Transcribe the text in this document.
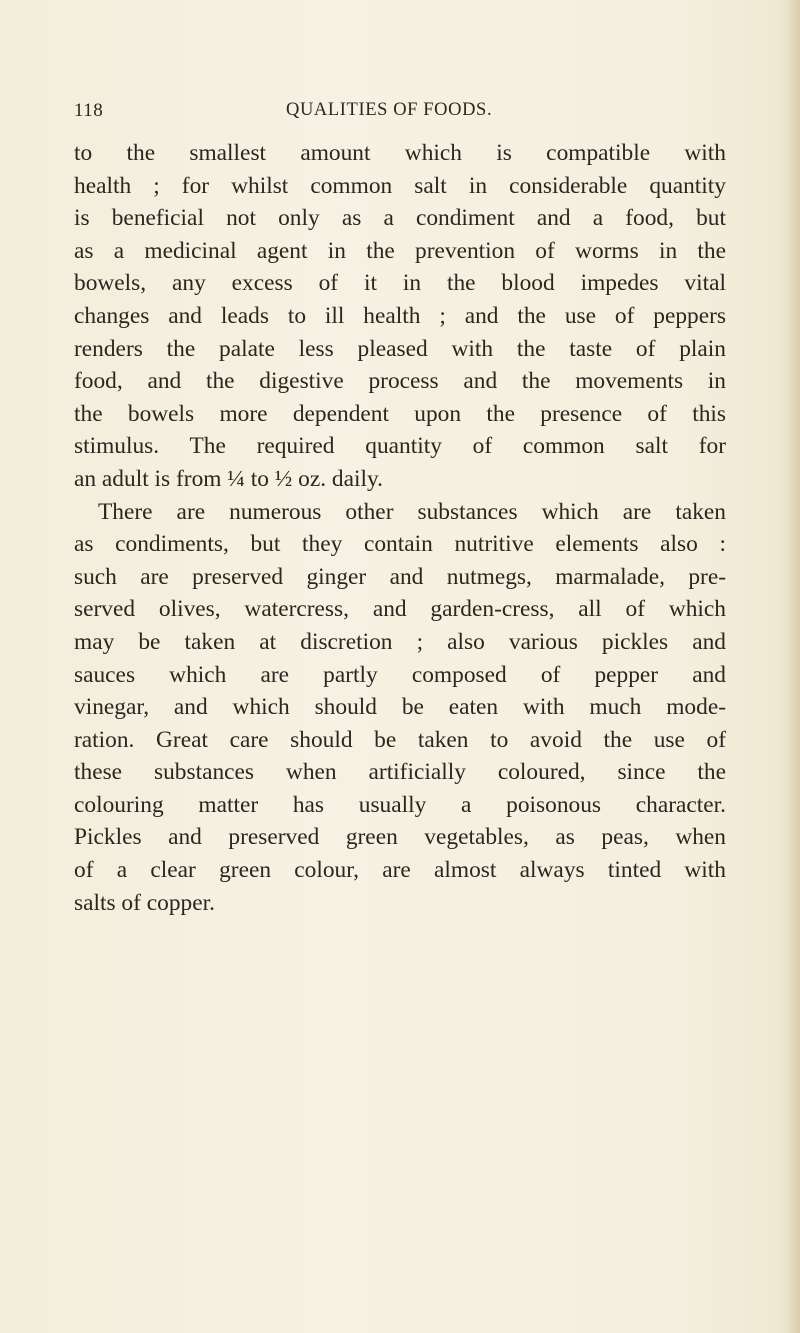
118	QUALITIES OF FOODS.
to the smallest amount which is compatible with
health ; for whilst common salt in considerable quantity
is beneficial not only as a condiment and a food, but
as a medicinal agent in the prevention of worms in the
bowels, any excess of it in the blood impedes vital
changes and leads to ill health ; and the use of peppers
renders the palate less pleased with the taste of plain
food, and the digestive process and the movements in
the bowels more dependent upon the presence of this
stimulus. The required quantity of common salt for
an adult is from ¼ to ½ oz. daily.
There are numerous other substances which are taken
as condiments, but they contain nutritive elements also :
such are preserved ginger and nutmegs, marmalade, pre-
served olives, watercress, and garden-cress, all of which
may be taken at discretion ; also various pickles and
sauces which are partly composed of pepper and
vinegar, and which should be eaten with much mode-
ration. Great care should be taken to avoid the use of
these substances when artificially coloured, since the
colouring matter has usually a poisonous character.
Pickles and preserved green vegetables, as peas, when
of a clear green colour, are almost always tinted with
salts of copper.
